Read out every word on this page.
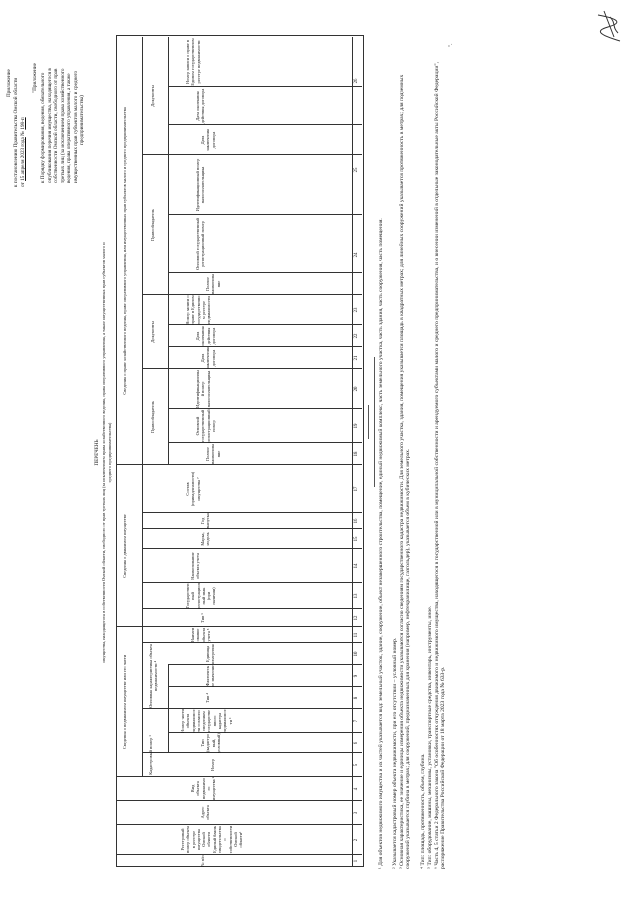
Приложение к постановлению Правительства Омской области от 15 апреля 2023 года № 198-п
"Приложение к Порядку формирования, ведения, обязательного опубликования перечня имущества, находящегося в собственности Омской области, свободного от прав третьих лиц (за исключением права хозяйственного ведения, права оперативного управления, а также имущественных прав субъектов малого и среднего предпринимательства)
ПЕРЕЧЕНЬ имущества, находящегося в собственности Омской области, свободного от прав третьих лиц (за исключением права хозяйственного ведения, права оперативного управления, а также имущественных прав субъектов малого и среднего предпринимательства)
№ п/п
Реестровый номер объекта в реестре имущества Омской области Единый бланк свидетельства о собственности Омской области¹
Адрес объекта
Вид объекта недвижимого имущества ²
Сведения о недвижимом имуществе или его части
Кадастровый номер ³	Номер
Тип (кадастровый, условный)
Номер части объекта недвижимости согласно сведениям государственного кадастра недвижимости ³
Основная характеристика объекта недвижимости ⁴
Тип ⁴
Фактическое значение
Единица измерения
Наименование объекта учета ⁵
Сведения о движимом имуществе
Тип ⁶
Государственный регистрационный знак (при наличии)
Наименование объекта учета
Марка, модель
Год выпуска
Состав (принадлежности) имущества ⁷
Сведения о праве хозяйственного ведения, праве оперативного управления, или имущественных прав субъектов малого и среднего предпринимательства
Правообладатель
Документы
Правообладатель
Документы
Полное наименование
Основной государственный регистрационный номер
Идентификационный номер налогоплательщика
Дата заключения договора
Дата окончания действия договора
Номер записи о праве в Едином государственном реестре недвижимости
Полное наименование
Основной государственный регистрационный номер
Идентификационный номер налогоплательщика
Дата заключения договора
Дата окончания действия договора
Номер записи о праве в Едином государственном реестре недвижимости
1
2
3
4
5
6
7
8
9
10
11
12
13
14
15
16
17
18
19
20
21
22
23
24
25
26
¹ Для объектов недвижимого имущества и их частей указывается вид: земельный участок, здание, сооружение, объект незавершенного строительства, помещение, единый недвижимый комплекс, часть земельного участка, часть здания, часть сооружения, часть помещения. ² Указывается кадастровый номер объекта недвижимости, при его отсутствии – условный номер. ³ Основная характеристика, ее значение и единицы измерения объекта недвижимости указываются согласно сведениям государственного кадастра недвижимости. Для земельного участка, здания, помещения указывается площадь в квадратных метрах; для линейных сооружений указывается протяженность в метрах; для подземных сооружений указывается глубина в метрах; для сооружений, предназначенных для хранения (например, нефтехранилище, газгольдер), указывается объем в кубических метрах. ⁴ Тип: площадь, протяженность, объем, глубина. ⁵ Тип: оборудование, машины, механизмы, установки, транспортные средства, инвентарь, инструменты, иное. ⁶ Часть 4, 5 статьи 2 Федерального закона "Об особенностях отчуждения движимого и недвижимого имущества, находящегося в государственной или в муниципальной собственности и арендуемого субъектами малого и среднего предпринимательства, и о внесении изменений в отдельные законодательные акты Российской Федерации", распоряжение Правительства Российской Федерации от 18 марта 2023 года № 633-р.
".
